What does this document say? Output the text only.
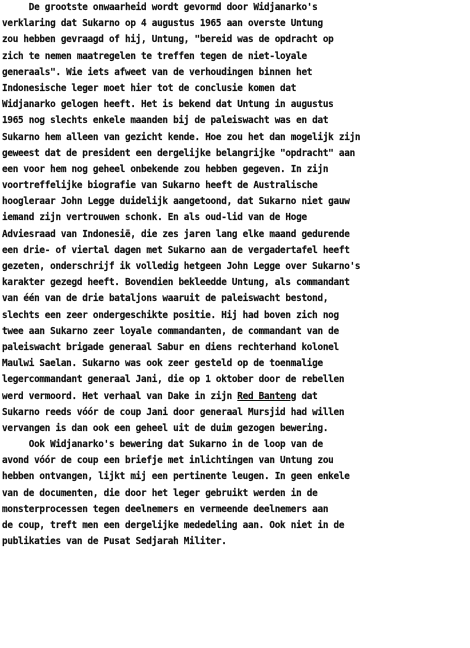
De grootste onwaarheid wordt gevormd door Widjanarko's
verklaring dat Sukarno op 4 augustus 1965 aan overste Untung
zou hebben gevraagd of hij, Untung, "bereid was de opdracht op
zich te nemen maatregelen te treffen tegen de niet-loyale
generaals". Wie iets afweet van de verhoudingen binnen het
Indonesische leger moet hier tot de conclusie komen dat
Widjanarko gelogen heeft. Het is bekend dat Untung in augustus
1965 nog slechts enkele maanden bij de paleiswacht was en dat
Sukarno hem alleen van gezicht kende. Hoe zou het dan mogelijk zijn
geweest dat de president een dergelijke belangrijke "opdracht" aan
een voor hem nog geheel onbekende zou hebben gegeven. In zijn
voortreffelijke biografie van Sukarno heeft de Australische
hoogleraar John Legge duidelijk aangetoond, dat Sukarno niet gauw
iemand zijn vertrouwen schonk. En als oud-lid van de Hoge
Adviesraad van Indonesië, die zes jaren lang elke maand gedurende
een drie- of viertal dagen met Sukarno aan de vergadertafel heeft
gezeten, onderschrijf ik volledig hetgeen John Legge over Sukarno's
karakter gezegd heeft. Bovendien bekleedde Untung, als commandant
van één van de drie bataljons waaruit de paleiswacht bestond,
slechts een zeer ondergeschikte positie. Hij had boven zich nog
twee aan Sukarno zeer loyale commandanten, de commandant van de
paleiswacht brigade generaal Sabur en diens rechterhand kolonel
Maulwi Saelan. Sukarno was ook zeer gesteld op de toenmalige
legercommandant generaal Jani, die op 1 oktober door de rebellen
werd vermoord. Het verhaal van Dake in zijn Red Banteng dat
Sukarno reeds vóór de coup Jani door generaal Mursjid had willen
vervangen is dan ook een geheel uit de duim gezogen bewering.
Ook Widjanarko's bewering dat Sukarno in de loop van de
avond vóór de coup een briefje met inlichtingen van Untung zou
hebben ontvangen, lijkt mij een pertinente leugen. In geen enkele
van de documenten, die door het leger gebruikt werden in de
monsterprocessen tegen deelnemers en vermeende deelnemers aan
de coup, treft men een dergelijke mededeling aan. Ook niet in de
publikaties van de Pusat Sedjarah Militer.
